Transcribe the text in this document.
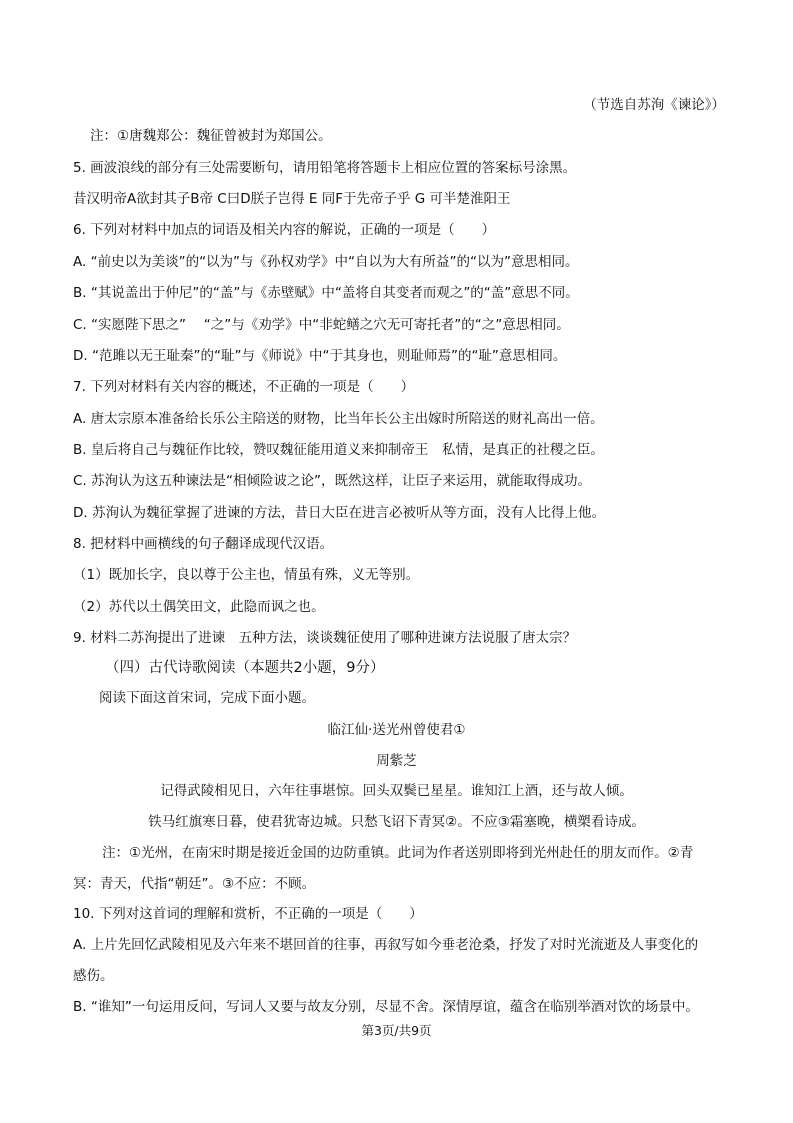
（节选自苏洵《谏论》）
注：①唐魏郑公：魏征曾被封为郑国公。
5. 画波浪线的部分有三处需要断句，请用铅笔将答题卡上相应位置的答案标号涂黑。
昔汉明帝A欲封其子B帝 C曰D朕子岂得 E 同F于先帝子乎 G 可半楚淮阳王
6. 下列对材料中加点的词语及相关内容的解说，正确的一项是（　　）
A. “前史以为美谈”的“以为”与《孙权劝学》中“自以为大有所益”的“以为”意思相同。
B. “其说盖出于仲尼”的“盖”与《赤壁赋》中“盖将自其变者而观之”的“盖”意思不同。
C. “实愿陛下思之”　 “之”与《劝学》中“非蛇鳝之穴无可寄托者”的“之”意思相同。
D. “范雎以无王耻秦”的“耻”与《师说》中“于其身也，则耻师焉”的“耻”意思相同。
7. 下列对材料有关内容的概述，不正确的一项是（　　）
A. 唐太宗原本准备给长乐公主陪送的财物，比当年长公主出嫁时所陪送的财礼高出一倍。
B. 皇后将自己与魏征作比较，赞叹魏征能用道义来抑制帝王　私情，是真正的社稷之臣。
C. 苏洵认为这五种谏法是“相倾险诐之论”，既然这样，让臣子来运用，就能取得成功。
D. 苏洵认为魏征掌握了进谏的方法，昔日大臣在进言必被听从等方面，没有人比得上他。
8. 把材料中画横线的句子翻译成现代汉语。
（1）既加长字，良以尊于公主也，情虽有殊，义无等别。
（2）苏代以土偶笑田文，此隐而讽之也。
9. 材料二苏洵提出了进谏　五种方法，谈谈魏征使用了哪种进谏方法说服了唐太宗？
（四）古代诗歌阅读（本题共2小题，9分）
阅读下面这首宋词，完成下面小题。
临江仙·送光州曾使君①
周紫芝
记得武陵相见日，六年往事堪惊。回头双鬓已星星。谁知江上酒，还与故人倾。
铁马红旗寒日暮，使君犹寄边城。只愁飞诏下青冥②。不应③霜塞晚，横槊看诗成。
注：①光州，在南宋时期是接近金国的边防重镇。此词为作者送别即将到光州赴任的朋友而作。②青
冥：青天，代指“朝廷”。③不应：不顾。
10. 下列对这首词的理解和赏析，不正确的一项是（　　）
A. 上片先回忆武陵相见及六年来不堪回首的往事，再叙写如今垂老沧桑，抒发了对时光流逝及人事变化的
感伤。
B. “谁知”一句运用反问，写词人又要与故友分别，尽显不舍。深情厚谊，蕴含在临别举酒对饮的场景中。
第3页/共9页
